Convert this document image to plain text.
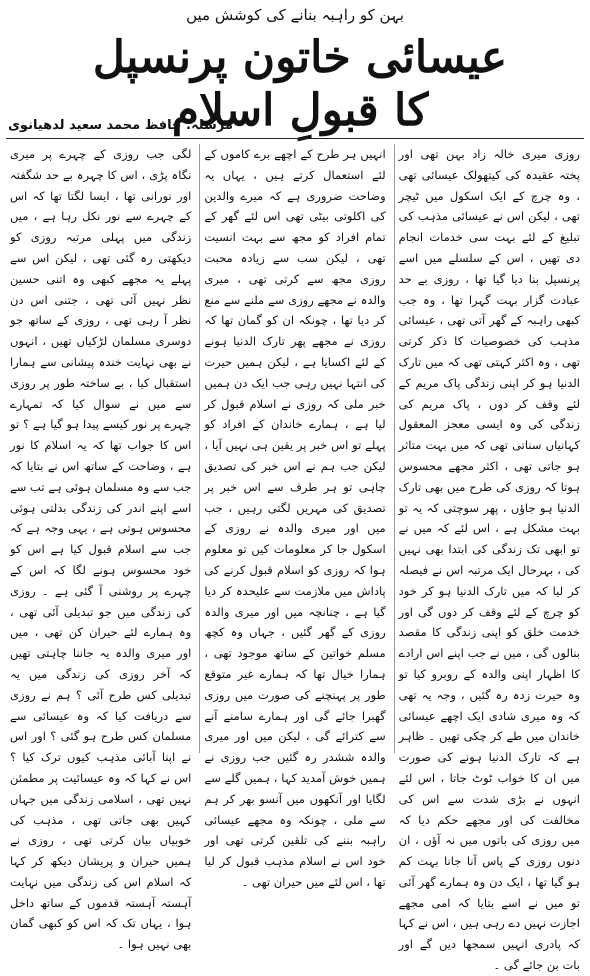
بہن کو راہبہ بنانے کی کوشش میں
عیسائی خاتون پرنسپل کا قبولِ اسلام
مرسلہ: حافظ محمد سعید لدھیانوی

روزی میری خالہ زاد بہن تھی اور پختہ عقیدہ کی کیتھولک عیسائی تھی ، وہ چرچ کے ایک اسکول میں ٹیچر تھی ، لیکن اس نے عیسائی مذہب کی تبلیغ کے لئے بہت سی خدمات انجام دی تھیں ، اس کے سلسلے میں اسے پرنسپل بنا دیا گیا تھا ، روزی بے حد عبادت گزار بہت گہرا تھا ، وہ جب کبھی راہبہ کے گھر آتی تھی ، عیسائی مذہب کی خصوصیات کا ذکر کرتی تھی ، وہ اکثر کہتی تھی کہ میں تارک الدنیا ہو کر اپنی زندگی پاک مریم کے لئے وقف کر دوں ، پاک مریم کی زندگی کی وہ ایسی معجز المعقول کہانیاں سناتی تھی کہ میں بہت متاثر ہو جاتی تھی ، اکثر مجھے محسوس ہوتا کہ روزی کی طرح میں بھی تارک الدنیا ہو جاؤں ، پھر سوچتی کہ یہ تو بہت مشکل ہے ، اس لئے کہ میں نے تو ابھی تک زندگی کی ابتدا بھی نہیں کی ، بہرحال ایک مرتبہ اس نے فیصلہ کر لیا کہ میں تارک الدنیا ہو کر خود کو چرچ کے لئے وقف کر دوں گی اور خدمت خلق کو اپنی زندگی کا مقصد بنالوں گی ، میں نے جب اپنے اس ارادے کا اظہار اپنی والدہ کے روبرو کیا تو وہ حیرت زدہ رہ گئیں ، وجہ یہ تھی کہ وہ میری شادی ایک اچھے عیسائی خاندان میں طے کر چکی تھیں ۔ ظاہر ہے کہ تارک الدنیا ہونے کی صورت میں ان کا خواب ٹوٹ جاتا ، اس لئے انہوں نے بڑی شدت سے اس کی مخالفت کی اور مجھے حکم دیا کہ میں روزی کی باتوں میں نہ آؤں ، ان دنوں روزی کے پاس آنا جانا بہت کم ہو گیا تھا ، ایک دن وہ ہمارے گھر آئی تو میں نے اسے بتایا کہ امی مجھے اجازت نہیں دے رہی ہیں ، اس نے کہا کہ پادری انہیں سمجھا دیں گے اور بات بن جائے گی ۔

انہیں ہر طرح کے اچھے برے کاموں کے لئے استعمال کرتے ہیں ، یہاں یہ وضاحت ضروری ہے کہ میرے والدین کی اکلوتی بیٹی تھی اس لئے گھر کے تمام افراد کو مجھ سے بہت انسیت تھی ، لیکن سب سے زیادہ محبت روزی مجھ سے کرتی تھی ، میری والدہ نے مجھے روزی سے ملنے سے منع کر دیا تھا ، چونکہ ان کو گمان تھا کہ روزی نے مجھے پھر تارک الدنیا ہونے کے لئے اکسایا ہے ، لیکن ہمیں حیرت کی انتہا نہیں رہی جب ایک دن ہمیں خبر ملی کہ روزی نے اسلام قبول کر لیا ہے ، ہمارے خاندان کے افراد کو پہلے تو اس خبر پر یقین ہی نہیں آیا ، لیکن جب ہم نے اس خبر کی تصدیق چاہی تو ہر طرف سے اس خبر پر تصدیق کی مہریں لگتی رہیں ، جب میں اور میری والدہ نے روزی کے اسکول جا کر معلومات کیں تو معلوم ہوا کہ روزی کو اسلام قبول کرنے کی پاداش میں ملازمت سے علیحدہ کر دیا گیا ہے ، چنانچہ میں اور میری والدہ روزی کے گھر گئیں ، جہاں وہ کچھ مسلم خواتین کے ساتھ موجود تھی ، ہمارا خیال تھا کہ ہمارے غیر متوقع طور پر پہنچنے کی صورت میں روزی گھبرا جائے گی اور ہمارے سامنے آنے سے کترائے گی ، لیکن میں اور میری والدہ ششدر رہ گئیں جب روزی نے ہمیں خوش آمدید کہا ، ہمیں گلے سے لگایا اور آنکھوں میں آنسو بھر کر ہم سے ملی ، چونکہ وہ مجھے عیسائی راہبہ بننے کی تلقین کرتی تھی اور خود اس نے اسلام مذہب قبول کر لیا تھا ، اس لئے میں حیران تھی ۔

لگی جب روزی کے چہرے پر میری نگاہ پڑی ، اس کا چہرہ بے حد شگفتہ اور نورانی تھا ، ایسا لگتا تھا کہ اس کے چہرے سے نور نکل رہا ہے ، میں زندگی میں پہلی مرتبہ روزی کو دیکھتی رہ گئی تھی ، لیکن اس سے پہلے یہ مجھے کبھی وہ اتنی حسین نظر نہیں آئی تھی ، جتنی اس دن نظر آ رہی تھی ، روزی کے ساتھ جو دوسری مسلمان لڑکیاں تھیں ، انہوں نے بھی نہایت خندہ پیشانی سے ہمارا استقبال کیا ، بے ساختہ طور پر روزی سے میں نے سوال کیا کہ تمہارے چہرے پر نور کیسے پیدا ہو گیا ہے ؟ تو اس کا جواب تھا کہ یہ اسلام کا نور ہے ، وضاحت کے ساتھ اس نے بتایا کہ جب سے وہ مسلمان ہوئی ہے تب سے اسے اپنے اندر کی زندگی بدلتی ہوئی محسوس ہوتی ہے ، یہی وجہ ہے کہ جب سے اسلام قبول کیا ہے اس کو خود محسوس ہونے لگا کہ اس کے چہرے پر روشنی آ گئی ہے ۔ روزی کی زندگی میں جو تبدیلی آئی تھی ، وہ ہمارے لئے حیران کن تھی ، میں اور میری والدہ یہ جاننا چاہتی تھیں کہ آخر روزی کی زندگی میں یہ تبدیلی کس طرح آئی ؟ ہم نے روزی سے دریافت کیا کہ وہ عیسائی سے مسلمان کس طرح ہو گئی ؟ اور اس نے اپنا آبائی مذہب کیوں ترک کیا ؟ اس نے کہا کہ وہ عیسائیت پر مطمئن نہیں تھی ، اسلامی زندگی میں جہاں کہیں بھی جاتی تھی ، مذہب کی خوبیاں بیان کرتی تھی ، روزی نے ہمیں حیران و پریشان دیکھ کر کہا کہ اسلام اس کی زندگی میں نہایت آہستہ آہستہ قدموں کے ساتھ داخل ہوا ، یہاں تک کہ اس کو کبھی گمان بھی نہیں ہوا ۔
